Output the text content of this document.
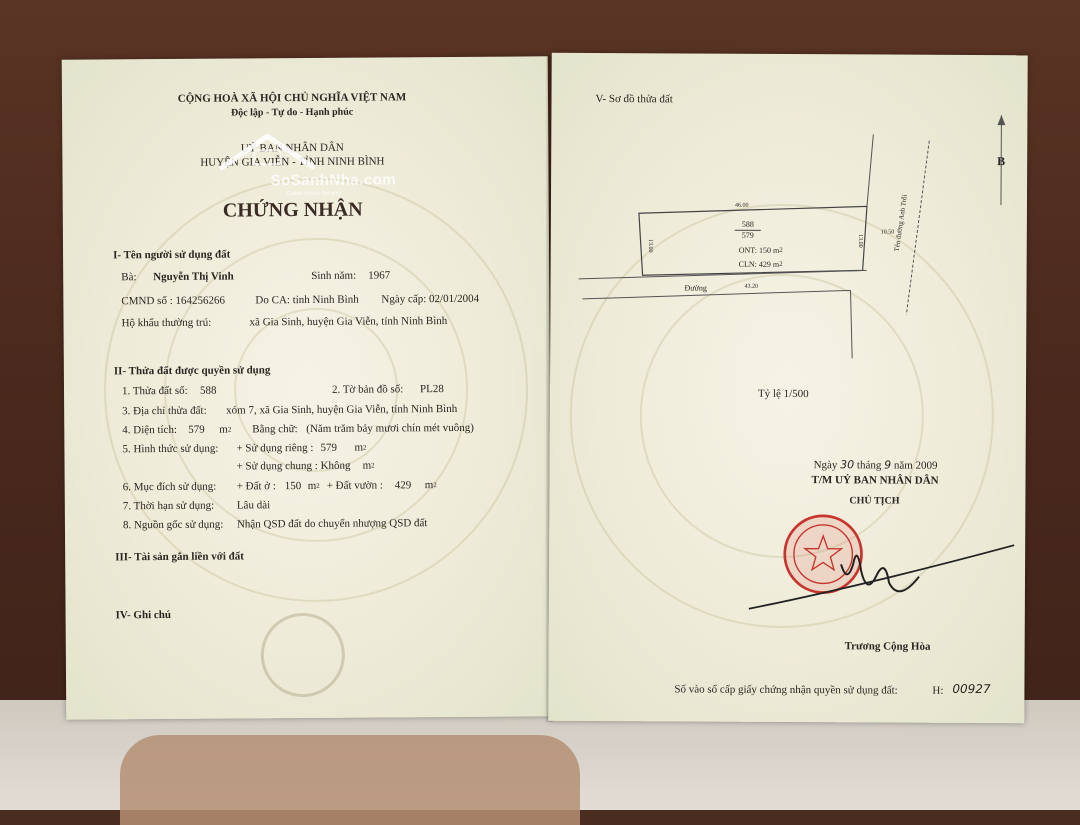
CỘNG HOÀ XÃ HỘI CHỦ NGHĨA VIỆT NAM
Độc lập - Tự do - Hạnh phúc
UỶ BAN NHÂN DÂN
HUYỆN GIA VIỄN - TỈNH NINH BÌNH
CHỨNG NHẬN
I- Tên người sử dụng đất
Bà: Nguyễn Thị Vinh	Sinh năm: 1967
CMND số : 164256266	Do CA: tỉnh Ninh Bình Ngày cấp: 02/01/2004
Hộ khẩu thường trú:	xã Gia Sinh, huyện Gia Viễn, tỉnh Ninh Bình
II- Thửa đất được quyền sử dụng
1. Thửa đất số: 588	2. Tờ bản đồ số: PL28
3. Địa chỉ thửa đất: xóm 7, xã Gia Sinh, huyện Gia Viễn, tỉnh Ninh Bình
4. Diện tích: 579 $m^2$ Bằng chữ: (Năm trăm bảy mươi chín mét vuông)
5. Hình thức sử dụng: + Sử dụng riêng : 579 $m^2$
+ Sử dụng chung : Không $m^2$
6. Mục đích sử dụng: + Đất ở : 150 $m^2$ + Đất vườn : 429 $m^2$
7. Thời hạn sử dụng: Lâu dài
8. Nguồn gốc sử dụng: Nhận QSD đất do chuyển nhượng QSD đất
III- Tài sản gắn liền với đất
IV- Ghi chú
SoSanhNha.com
Great choice for you
V- Sơ đồ thửa đất
B
46.00
13.00	13.00
10.50
43.20
588
579
ONT: 150 m2
CLN: 429 m2
Đường
Tên đường Anh Trỗi
Tỷ lệ 1/500
Ngày 30 tháng 9 năm 2009
T/M UỶ BAN NHÂN DÂN
CHỦ TỊCH
Trương Cộng Hòa
Số vào sổ cấp giấy chứng nhận quyền sử dụng đất:	H: 00927
